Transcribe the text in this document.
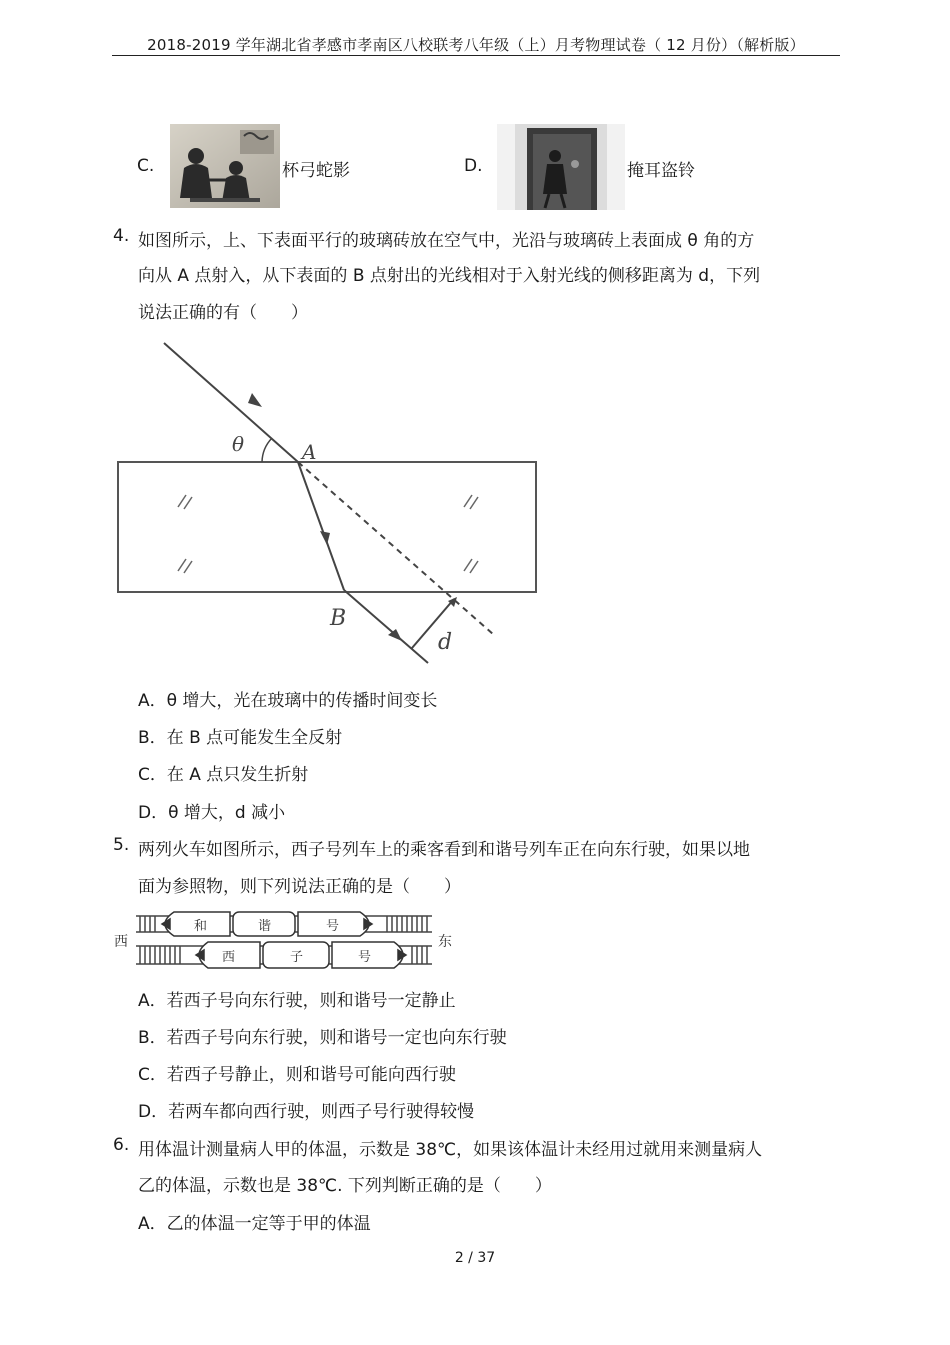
2018-2019 学年湖北省孝感市孝南区八校联考八年级（上）月考物理试卷（ 12 月份）（解析版）
C.	杯弓蛇影	D.	掩耳盗铃
4. 如图所示，上、下表面平行的玻璃砖放在空气中，光沿与玻璃砖上表面成 θ 角的方
向从 A 点射入，从下表面的 B 点射出的光线相对于入射光线的侧移距离为 d，下列
说法正确的有（　　）
θ	A
B
d
A．θ 增大，光在玻璃中的传播时间变长
B．在 B 点可能发生全反射
C．在 A 点只发生折射
D．θ 增大，d 减小
5. 两列火车如图所示，西子号列车上的乘客看到和谐号列车正在向东行驶，如果以地
面为参照物，则下列说法正确的是（　　）
西	东
和	谐	号
西	子	号
A．若西子号向东行驶，则和谐号一定静止
B．若西子号向东行驶，则和谐号一定也向东行驶
C．若西子号静止，则和谐号可能向西行驶
D．若两车都向西行驶，则西子号行驶得较慢
6. 用体温计测量病人甲的体温，示数是 38℃，如果该体温计未经用过就用来测量病人
乙的体温，示数也是 38℃. 下列判断正确的是（　　）
A．乙的体温一定等于甲的体温
2 / 37
